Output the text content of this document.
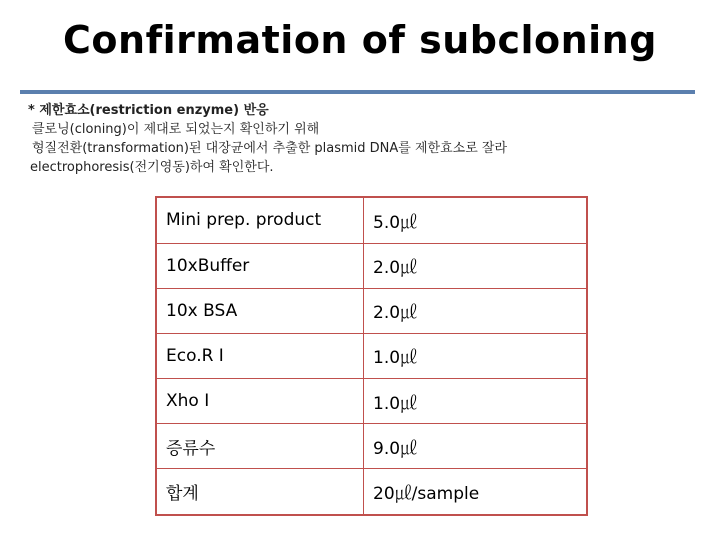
Confirmation of subcloning
* 제한효소(restriction enzyme) 반응
클로닝(cloning)이 제대로 되었는지 확인하기 위해
형질전환(transformation)된 대장균에서 추출한 plasmid DNA를 제한효소로 잘라
electrophoresis(전기영동)하여 확인한다.
Mini prep. product	5.0㎕
10xBuffer	2.0㎕
10x BSA	2.0㎕
Eco.R I	1.0㎕
Xho I	1.0㎕
증류수	9.0㎕
합계	20㎕/sample
